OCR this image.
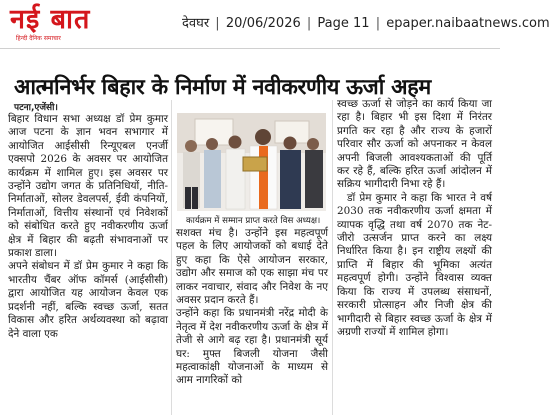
नई बात
हिन्दी दैनिक समाचार
देवघर | 20/06/2026 | Page 11 | epaper.naibaatnews.com
आत्मनिर्भर बिहार के निर्माण में नवीकरणीय ऊर्जा अहम
पटना,एजेंसी।

बिहार विधान सभा अध्यक्ष डॉ प्रेम कुमार आज पटना के ज्ञान भवन सभागार में आयोजित आईसीसी रिन्यूएबल एनर्जी एक्सपो 2026 के अवसर पर आयोजित कार्यक्रम में शामिल हुए। इस अवसर पर उन्होंने उद्योग जगत के प्रतिनिधियों, नीति-निर्माताओं, सोलर डेवलपर्स, ईवी कंपनियों, निर्माताओं, वित्तीय संस्थानों एवं निवेशकों को संबोधित करते हुए नवीकरणीय ऊर्जा क्षेत्र में बिहार की बढ़ती संभावनाओं पर प्रकाश डाला।

अपने संबोधन में डॉ प्रेम कुमार ने कहा कि भारतीय चैंबर ऑफ कॉमर्स (आईसीसी) द्वारा आयोजित यह आयोजन केवल एक प्रदर्शनी नहीं, बल्कि स्वच्छ ऊर्जा, सतत विकास और हरित अर्थव्यवस्था को बढ़ावा देने वाला एक

कार्यक्रम में सम्मान प्राप्त करते विस अध्यक्ष।

सशक्त मंच है। उन्होंने इस महत्वपूर्ण पहल के लिए आयोजकों को बधाई देते हुए कहा कि ऐसे आयोजन सरकार, उद्योग और समाज को एक साझा मंच पर लाकर नवाचार, संवाद और निवेश के नए अवसर प्रदान करते हैं।

उन्होंने कहा कि प्रधानमंत्री नरेंद्र मोदी के नेतृत्व में देश नवीकरणीय ऊर्जा के क्षेत्र में तेजी से आगे बढ़ रहा है। प्रधानमंत्री सूर्य घर: मुफ्त बिजली योजना जैसी महत्वाकांक्षी योजनाओं के माध्यम से आम नागरिकों को

स्वच्छ ऊर्जा से जोड़ने का कार्य किया जा रहा है। बिहार भी इस दिशा में निरंतर प्रगति कर रहा है और राज्य के हजारों परिवार सौर ऊर्जा को अपनाकर न केवल अपनी बिजली आवश्यकताओं की पूर्ति कर रहे हैं, बल्कि हरित ऊर्जा आंदोलन में सक्रिय भागीदारी निभा रहे हैं।

डॉ प्रेम कुमार ने कहा कि भारत ने वर्ष 2030 तक नवीकरणीय ऊर्जा क्षमता में व्यापक वृद्धि तथा वर्ष 2070 तक नेट-जीरो उत्सर्जन प्राप्त करने का लक्ष्य निर्धारित किया है। इन राष्ट्रीय लक्ष्यों की प्राप्ति में बिहार की भूमिका अत्यंत महत्वपूर्ण होगी। उन्होंने विश्वास व्यक्त किया कि राज्य में उपलब्ध संसाधनों, सरकारी प्रोत्साहन और निजी क्षेत्र की भागीदारी से बिहार स्वच्छ ऊर्जा के क्षेत्र में अग्रणी राज्यों में शामिल होगा।
